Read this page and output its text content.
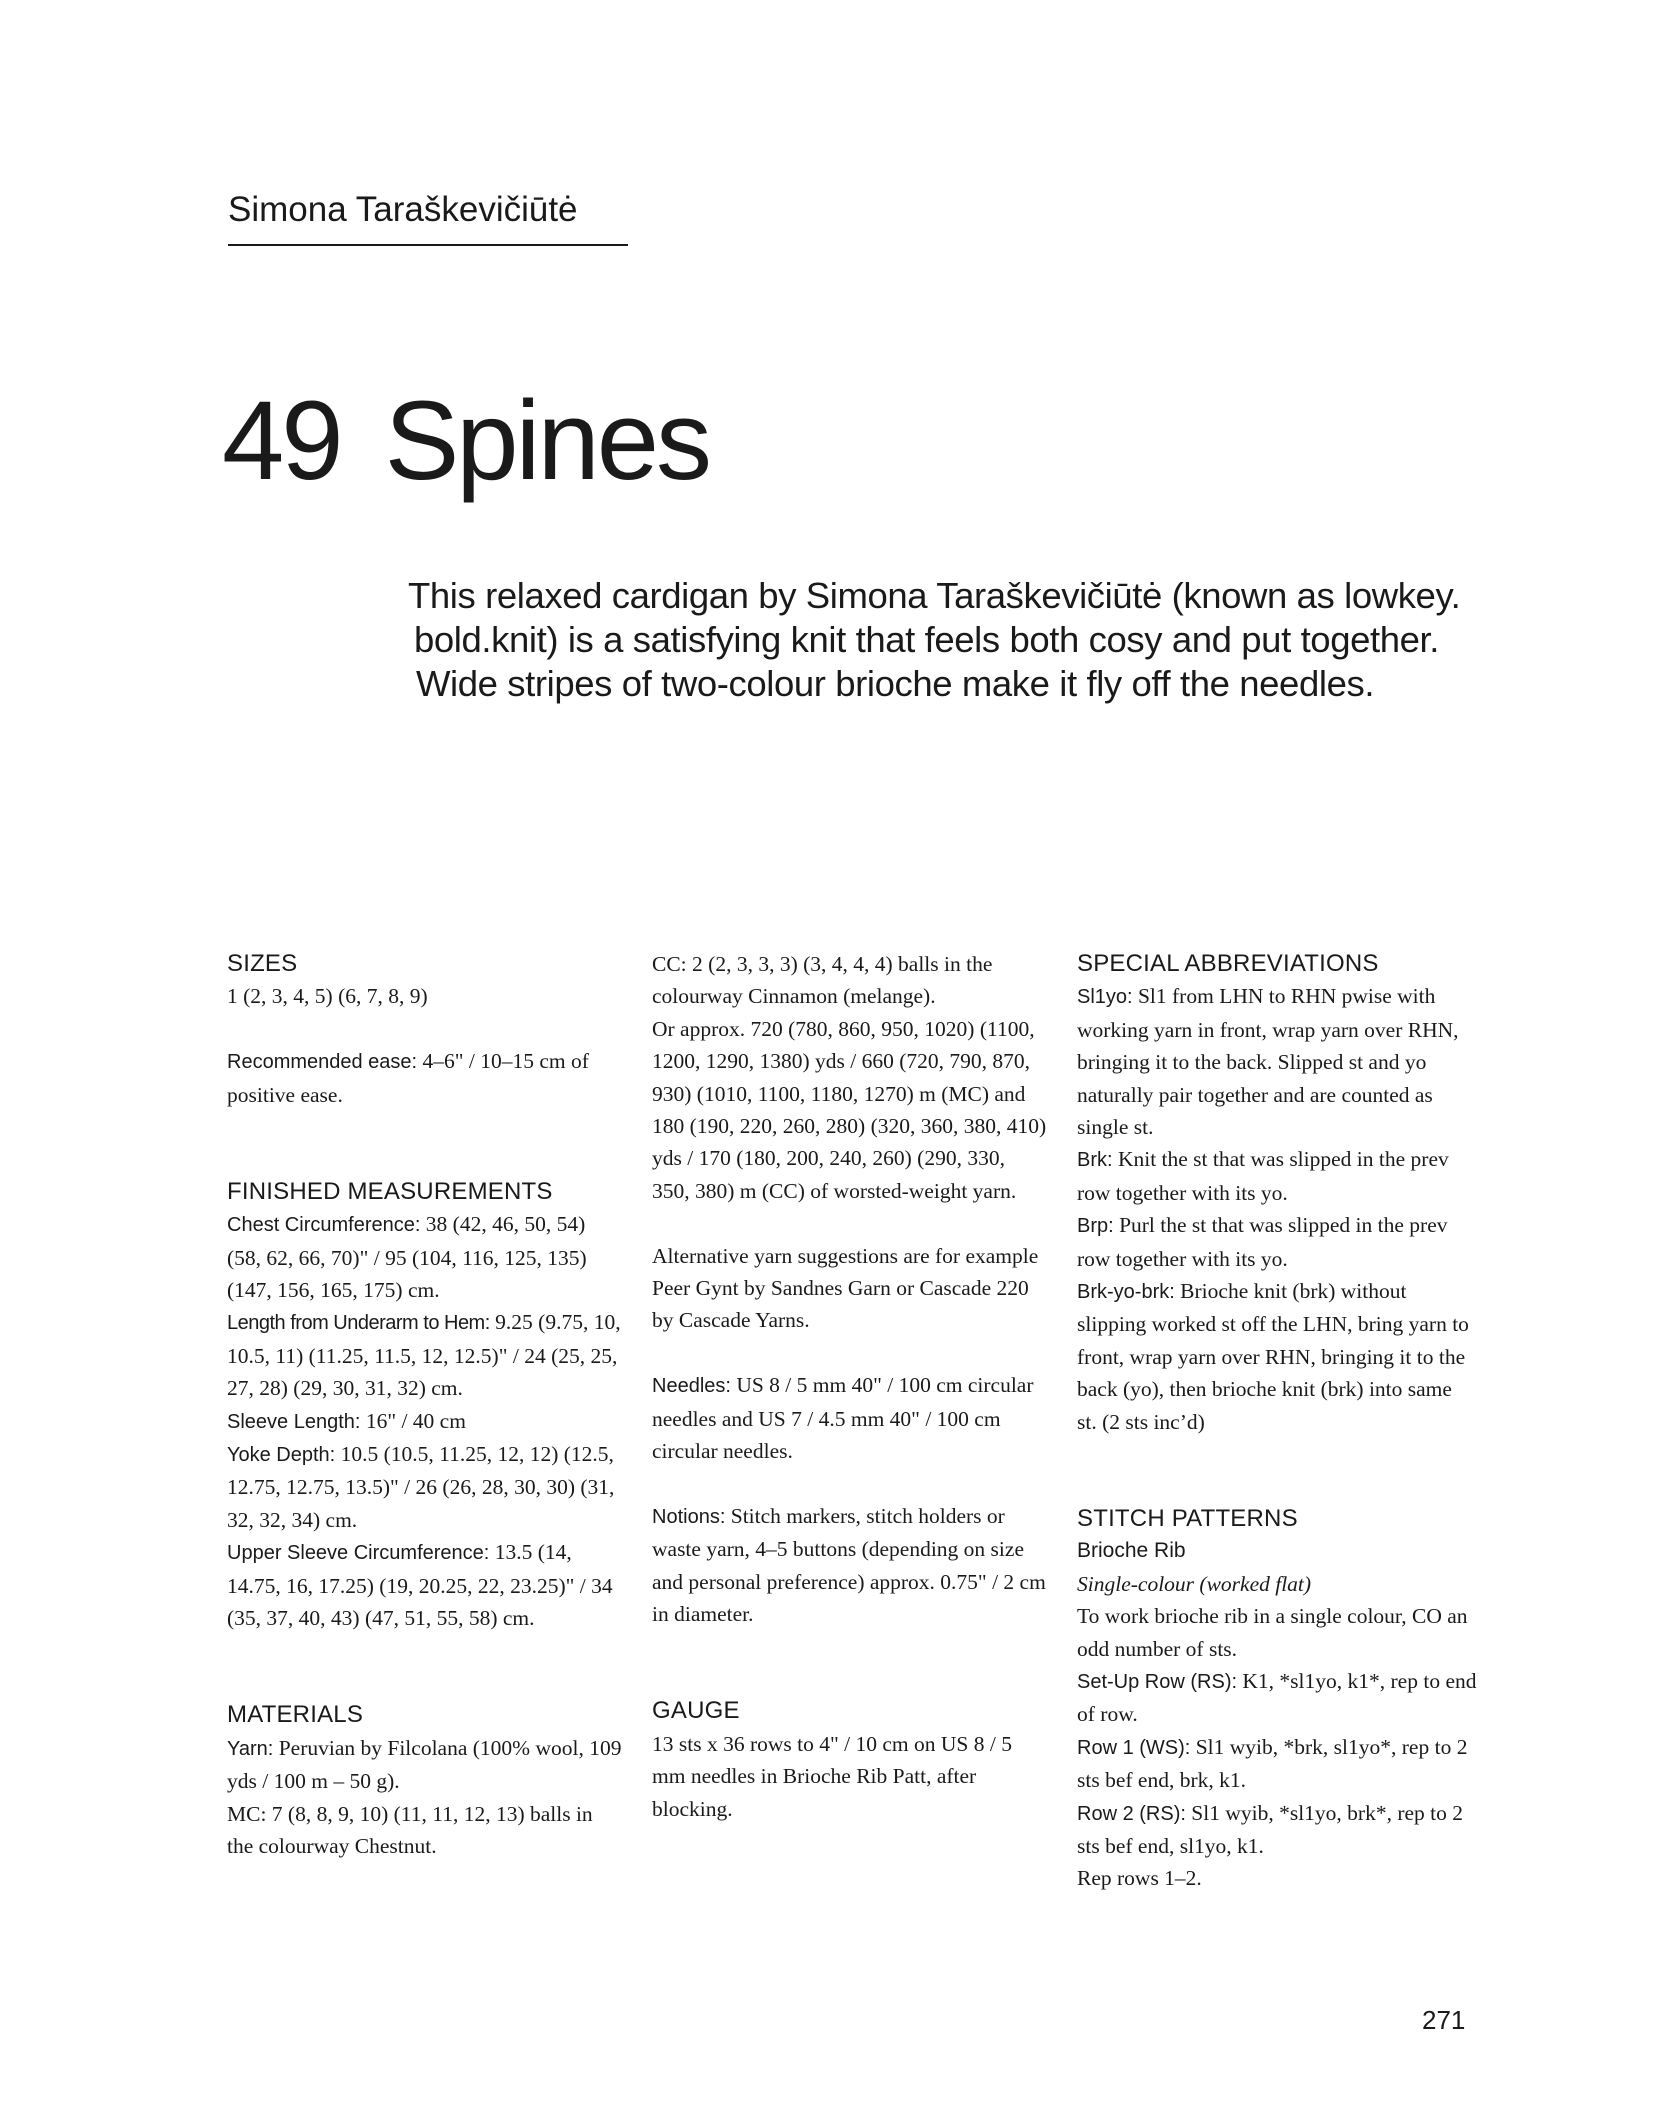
Simona Taraškevičiūtė
49 Spines
This relaxed cardigan by Simona Taraškevičiūtė (known as lowkey.
bold.knit) is a satisfying knit that feels both cosy and put together.
Wide stripes of two-colour brioche make it fly off the needles.

SIZES

1 (2, 3, 4, 5) (6, 7, 8, 9)

Recommended ease: 4–6" / 10–15 cm of positive ease.

FINISHED MEASUREMENTS

Chest Circumference: 38 (42, 46, 50, 54) (58, 62, 66, 70)" / 95 (104, 116, 125, 135) (147, 156, 165, 175) cm.

Length from Underarm to Hem: 9.25 (9.75, 10, 10.5, 11) (11.25, 11.5, 12, 12.5)" / 24 (25, 25, 27, 28) (29, 30, 31, 32) cm.

Sleeve Length: 16" / 40 cm

Yoke Depth: 10.5 (10.5, 11.25, 12, 12) (12.5, 12.75, 12.75, 13.5)" / 26 (26, 28, 30, 30) (31, 32, 32, 34) cm.

Upper Sleeve Circumference: 13.5 (14, 14.75, 16, 17.25) (19, 20.25, 22, 23.25)" / 34 (35, 37, 40, 43) (47, 51, 55, 58) cm.

MATERIALS

Yarn: Peruvian by Filcolana (100% wool, 109 yds / 100 m – 50 g).

MC: 7 (8, 8, 9, 10) (11, 11, 12, 13) balls in the colourway Chestnut.

CC: 2 (2, 3, 3, 3) (3, 4, 4, 4) balls in the colourway Cinnamon (melange).

Or approx. 720 (780, 860, 950, 1020) (1100, 1200, 1290, 1380) yds / 660 (720, 790, 870, 930) (1010, 1100, 1180, 1270) m (MC) and 180 (190, 220, 260, 280) (320, 360, 380, 410) yds / 170 (180, 200, 240, 260) (290, 330, 350, 380) m (CC) of worsted-weight yarn.

Alternative yarn suggestions are for example Peer Gynt by Sandnes Garn or Cascade 220 by Cascade Yarns.

Needles: US 8 / 5 mm 40" / 100 cm circular needles and US 7 / 4.5 mm 40" / 100 cm circular needles.

Notions: Stitch markers, stitch holders or waste yarn, 4–5 buttons (depending on size and personal preference) approx. 0.75" / 2 cm in diameter.

GAUGE

13 sts x 36 rows to 4" / 10 cm on US 8 / 5 mm needles in Brioche Rib Patt, after blocking.

SPECIAL ABBREVIATIONS

Sl1yo: Sl1 from LHN to RHN pwise with working yarn in front, wrap yarn over RHN, bringing it to the back. Slipped st and yo naturally pair together and are counted as single st.

Brk: Knit the st that was slipped in the prev row together with its yo.

Brp: Purl the st that was slipped in the prev row together with its yo.

Brk-yo-brk: Brioche knit (brk) without slipping worked st off the LHN, bring yarn to front, wrap yarn over RHN, bringing it to the back (yo), then brioche knit (brk) into same st. (2 sts inc’d)

STITCH PATTERNS

Brioche Rib

Single-colour (worked flat)

To work brioche rib in a single colour, CO an odd number of sts.

Set-Up Row (RS): K1, *sl1yo, k1*, rep to end of row.

Row 1 (WS): Sl1 wyib, *brk, sl1yo*, rep to 2 sts bef end, brk, k1.

Row 2 (RS): Sl1 wyib, *sl1yo, brk*, rep to 2 sts bef end, sl1yo, k1.

Rep rows 1–2.

271
